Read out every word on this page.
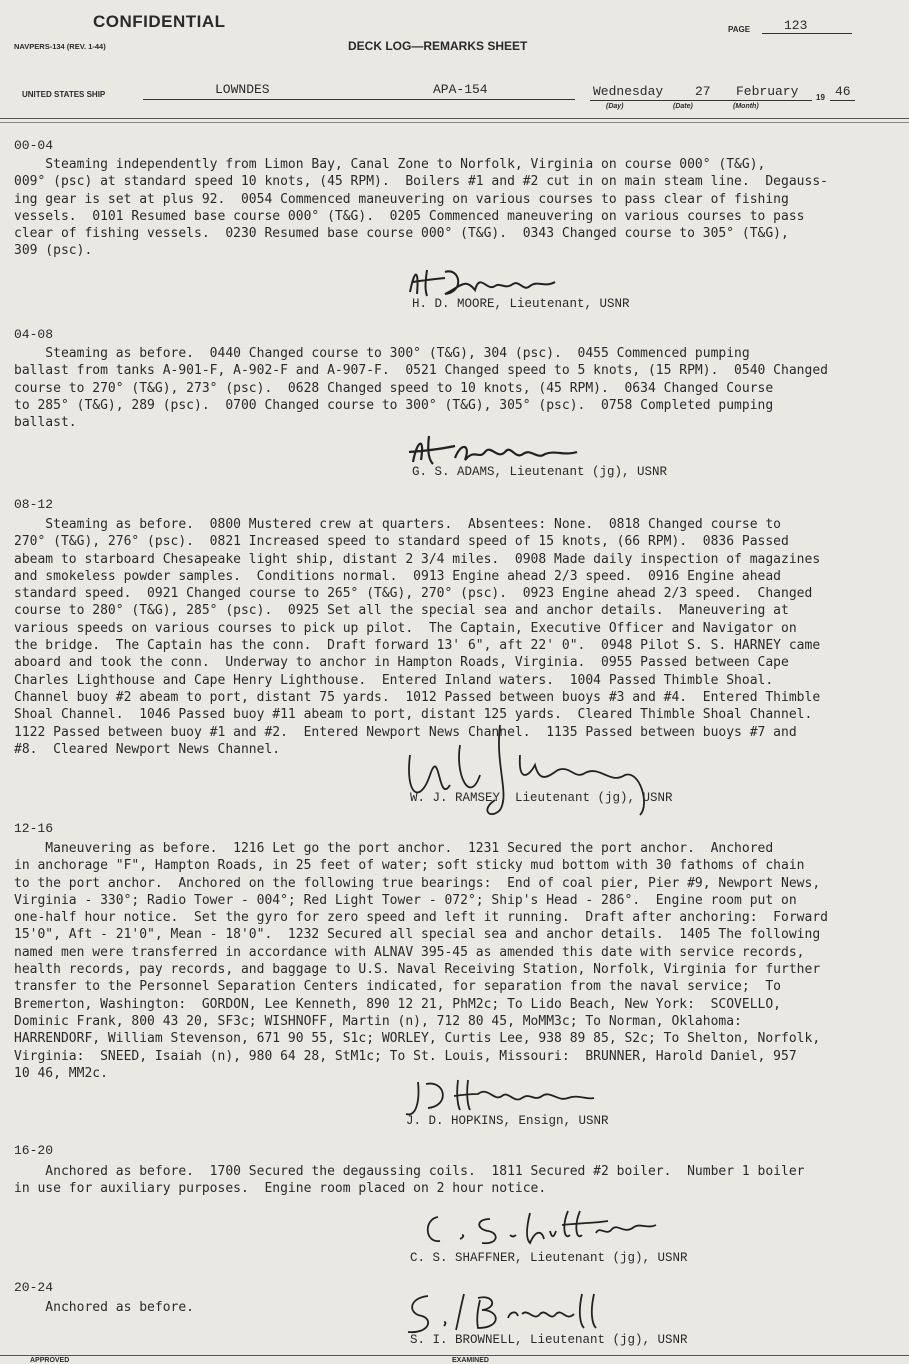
CONFIDENTIAL
NAVPERS-134 (REV. 1-44)	DECK LOG—REMARKS SHEET
PAGE	123
UNITED STATES SHIP	LOWNDES	APA-154	Wednesday 27 February 19 46
(Day)	(Date)	(Month)
00-04
Steaming independently from Limon Bay, Canal Zone to Norfolk, Virginia on course 000° (T&G),
009° (psc) at standard speed 10 knots, (45 RPM).  Boilers #1 and #2 cut in on main steam line.  Degauss-
ing gear is set at plus 92.  0054 Commenced maneuvering on various courses to pass clear of fishing
vessels.  0101 Resumed base course 000° (T&G).  0205 Commenced maneuvering on various courses to pass
clear of fishing vessels.  0230 Resumed base course 000° (T&G).  0343 Changed course to 305° (T&G),
309 (psc).
H. D. MOORE, Lieutenant, USNR
04-08
Steaming as before.  0440 Changed course to 300° (T&G), 304 (psc).  0455 Commenced pumping
ballast from tanks A-901-F, A-902-F and A-907-F.  0521 Changed speed to 5 knots, (15 RPM).  0540 Changed
course to 270° (T&G), 273° (psc).  0628 Changed speed to 10 knots, (45 RPM).  0634 Changed Course
to 285° (T&G), 289 (psc).  0700 Changed course to 300° (T&G), 305° (psc).  0758 Completed pumping
ballast.
G. S. ADAMS, Lieutenant (jg), USNR
08-12
Steaming as before.  0800 Mustered crew at quarters.  Absentees: None.  0818 Changed course to
270° (T&G), 276° (psc).  0821 Increased speed to standard speed of 15 knots, (66 RPM).  0836 Passed
abeam to starboard Chesapeake light ship, distant 2 3/4 miles.  0908 Made daily inspection of magazines
and smokeless powder samples.  Conditions normal.  0913 Engine ahead 2/3 speed.  0916 Engine ahead
standard speed.  0921 Changed course to 265° (T&G), 270° (psc).  0923 Engine ahead 2/3 speed.  Changed
course to 280° (T&G), 285° (psc).  0925 Set all the special sea and anchor details.  Maneuvering at
various speeds on various courses to pick up pilot.  The Captain, Executive Officer and Navigator on
the bridge.  The Captain has the conn.  Draft forward 13' 6", aft 22' 0".  0948 Pilot S. S. HARNEY came
aboard and took the conn.  Underway to anchor in Hampton Roads, Virginia.  0955 Passed between Cape
Charles Lighthouse and Cape Henry Lighthouse.  Entered Inland waters.  1004 Passed Thimble Shoal.
Channel buoy #2 abeam to port, distant 75 yards.  1012 Passed between buoys #3 and #4.  Entered Thimble
Shoal Channel.  1046 Passed buoy #11 abeam to port, distant 125 yards.  Cleared Thimble Shoal Channel.
1122 Passed between buoy #1 and #2.  Entered Newport News Channel.  1135 Passed between buoys #7 and
#8.  Cleared Newport News Channel.
W. J. RAMSEY, Lieutenant (jg), USNR
12-16
Maneuvering as before.  1216 Let go the port anchor.  1231 Secured the port anchor.  Anchored
in anchorage "F", Hampton Roads, in 25 feet of water; soft sticky mud bottom with 30 fathoms of chain
to the port anchor.  Anchored on the following true bearings:  End of coal pier, Pier #9, Newport News,
Virginia - 330°; Radio Tower - 004°; Red Light Tower - 072°; Ship's Head - 286°.  Engine room put on
one-half hour notice.  Set the gyro for zero speed and left it running.  Draft after anchoring:  Forward
15'0", Aft - 21'0", Mean - 18'0".  1232 Secured all special sea and anchor details.  1405 The following
named men were transferred in accordance with ALNAV 395-45 as amended this date with service records,
health records, pay records, and baggage to U.S. Naval Receiving Station, Norfolk, Virginia for further
transfer to the Personnel Separation Centers indicated, for separation from the naval service;  To
Bremerton, Washington:  GORDON, Lee Kenneth, 890 12 21, PhM2c; To Lido Beach, New York:  SCOVELLO,
Dominic Frank, 800 43 20, SF3c; WISHNOFF, Martin (n), 712 80 45, MoMM3c; To Norman, Oklahoma:
HARRENDORF, William Stevenson, 671 90 55, S1c; WORLEY, Curtis Lee, 938 89 85, S2c; To Shelton, Norfolk,
Virginia:  SNEED, Isaiah (n), 980 64 28, StM1c; To St. Louis, Missouri:  BRUNNER, Harold Daniel, 957
10 46, MM2c.
J. D. HOPKINS, Ensign, USNR
16-20
Anchored as before.  1700 Secured the degaussing coils.  1811 Secured #2 boiler.  Number 1 boiler
in use for auxiliary purposes.  Engine room placed on 2 hour notice.
C. S. SHAFFNER, Lieutenant (jg), USNR
20-24
Anchored as before.
S. I. BROWNELL, Lieutenant (jg), USNR
APPROVED	EXAMINED
